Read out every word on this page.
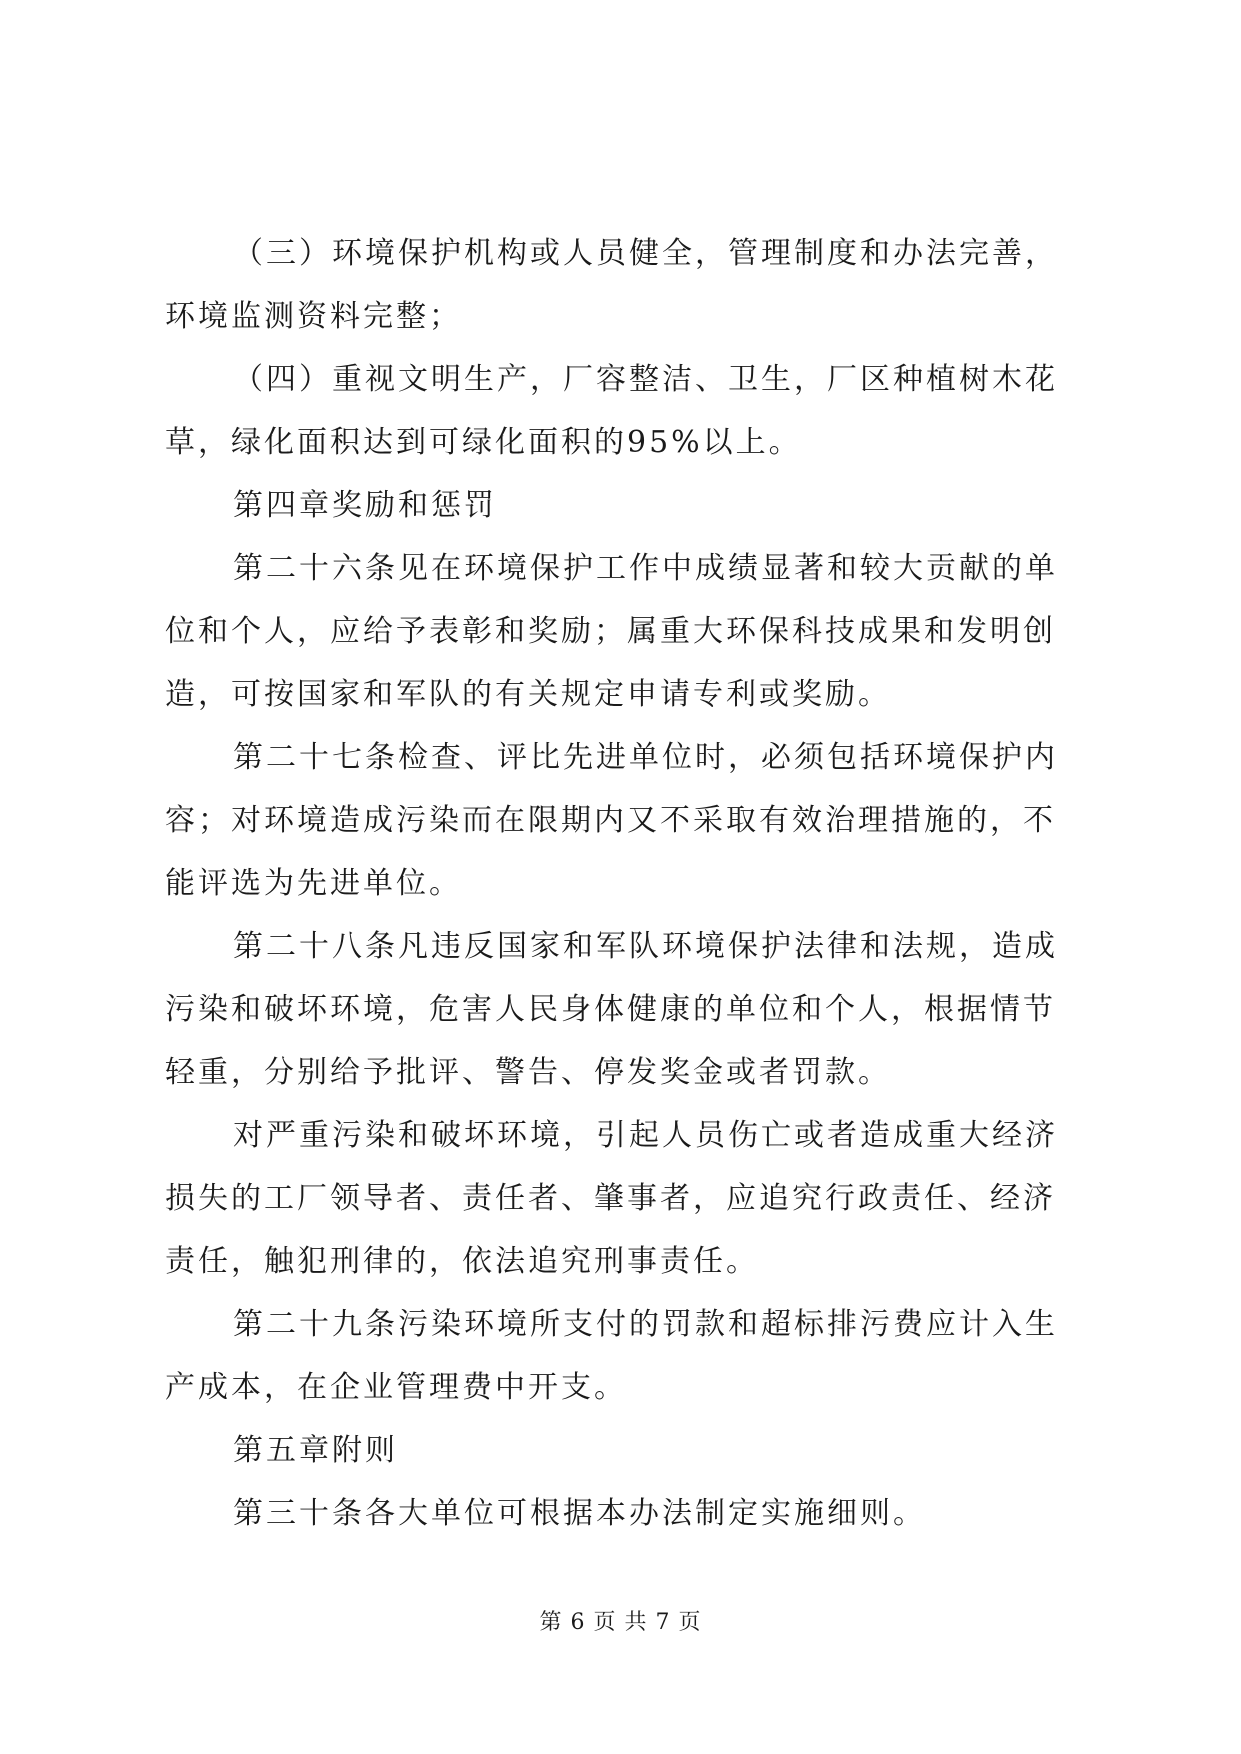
（三）环境保护机构或人员健全，管理制度和办法完善，环境监测资料完整；

（四）重视文明生产，厂容整洁、卫生，厂区种植树木花草，绿化面积达到可绿化面积的95%以上。

第四章奖励和惩罚

第二十六条见在环境保护工作中成绩显著和较大贡献的单位和个人，应给予表彰和奖励；属重大环保科技成果和发明创造，可按国家和军队的有关规定申请专利或奖励。

第二十七条检查、评比先进单位时，必须包括环境保护内容；对环境造成污染而在限期内又不采取有效治理措施的，不能评选为先进单位。

第二十八条凡违反国家和军队环境保护法律和法规，造成污染和破坏环境，危害人民身体健康的单位和个人，根据情节轻重，分别给予批评、警告、停发奖金或者罚款。

对严重污染和破坏环境，引起人员伤亡或者造成重大经济损失的工厂领导者、责任者、肇事者，应追究行政责任、经济责任，触犯刑律的，依法追究刑事责任。

第二十九条污染环境所支付的罚款和超标排污费应计入生产成本，在企业管理费中开支。

第五章附则

第三十条各大单位可根据本办法制定实施细则。

第 6 页 共 7 页
